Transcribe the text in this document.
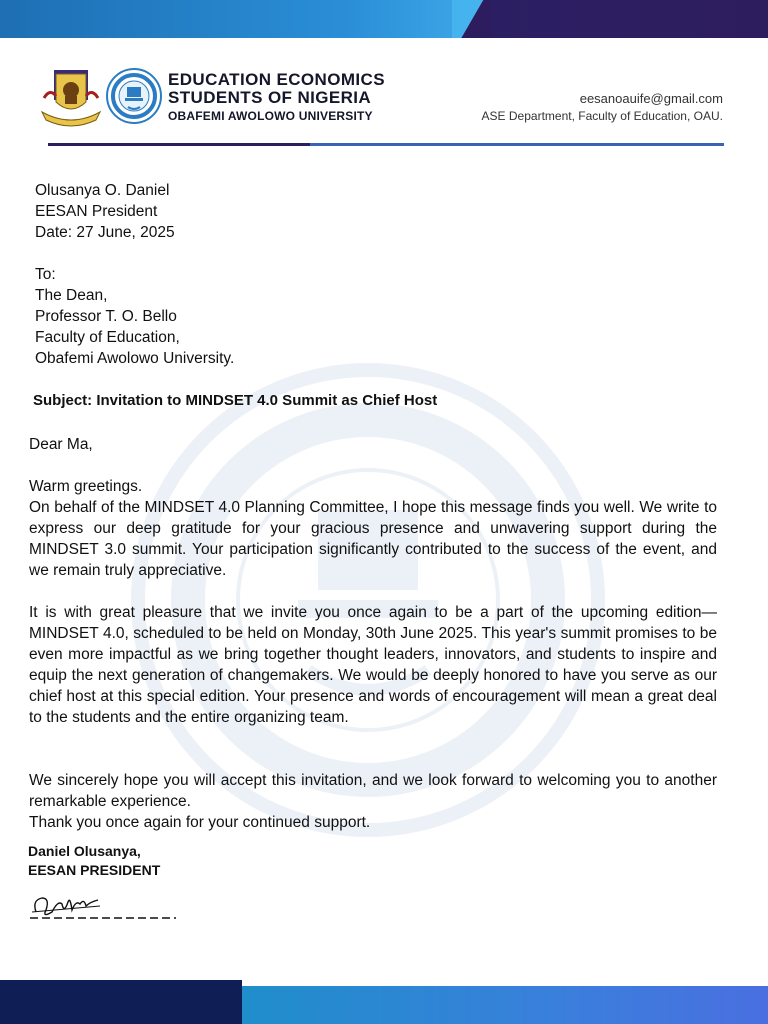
EDUCATION ECONOMICS
STUDENTS OF NIGERIA
OBAFEMI AWOLOWO UNIVERSITY
eesanoauife@gmail.com
ASE Department, Faculty of Education, OAU.
Olusanya O. Daniel
EESAN President
Date: 27 June, 2025
To:
The Dean,
Professor T. O. Bello
Faculty of Education,
Obafemi Awolowo University.
Subject: Invitation to MINDSET 4.0 Summit as Chief Host
Dear Ma,
Warm greetings.
On behalf of the MINDSET 4.0 Planning Committee, I hope this message finds you well. We write to express our deep gratitude for your gracious presence and unwavering support during the MINDSET 3.0 summit. Your participation significantly contributed to the success of the event, and we remain truly appreciative.
It is with great pleasure that we invite you once again to be a part of the upcoming edition—MINDSET 4.0, scheduled to be held on Monday, 30th June 2025. This year's summit promises to be even more impactful as we bring together thought leaders, innovators, and students to inspire and equip the next generation of changemakers. We would be deeply honored to have you serve as our chief host at this special edition. Your presence and words of encouragement will mean a great deal to the students and the entire organizing team.
We sincerely hope you will accept this invitation, and we look forward to welcoming you to another remarkable experience.
Thank you once again for your continued support.
Daniel Olusanya,
EESAN PRESIDENT
